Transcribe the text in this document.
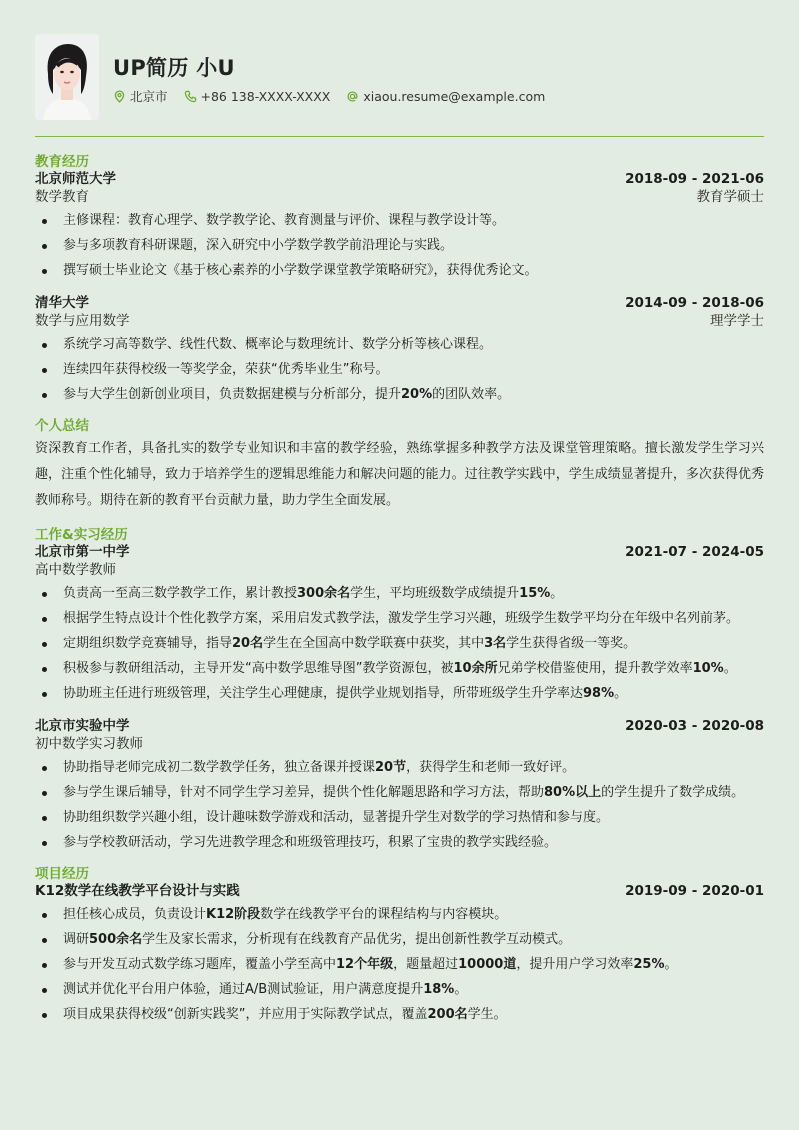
UP简历 小U
北京市	+86 138-XXXX-XXXX	xiaou.resume@example.com
教育经历
北京师范大学	2018-09 - 2021-06
数学教育	教育学硕士
主修课程：教育心理学、数学教学论、教育测量与评价、课程与教学设计等。
参与多项教育科研课题，深入研究中小学数学教学前沿理论与实践。
撰写硕士毕业论文《基于核心素养的小学数学课堂教学策略研究》，获得优秀论文。
清华大学	2014-09 - 2018-06
数学与应用数学	理学学士
系统学习高等数学、线性代数、概率论与数理统计、数学分析等核心课程。
连续四年获得校级一等奖学金，荣获“优秀毕业生”称号。
参与大学生创新创业项目，负责数据建模与分析部分，提升20%的团队效率。
个人总结
资深教育工作者，具备扎实的数学专业知识和丰富的教学经验，熟练掌握多种教学方法及课堂管理策略。擅长激发学生学习兴趣，注重个性化辅导，致力于培养学生的逻辑思维能力和解决问题的能力。过往教学实践中，学生成绩显著提升，多次获得优秀教师称号。期待在新的教育平台贡献力量，助力学生全面发展。
工作&实习经历
北京市第一中学	2021-07 - 2024-05
高中数学教师
负责高一至高三数学教学工作，累计教授300余名学生，平均班级数学成绩提升15%。
根据学生特点设计个性化教学方案，采用启发式教学法，激发学生学习兴趣，班级学生数学平均分在年级中名列前茅。
定期组织数学竞赛辅导，指导20名学生在全国高中数学联赛中获奖，其中3名学生获得省级一等奖。
积极参与教研组活动，主导开发“高中数学思维导图”教学资源包，被10余所兄弟学校借鉴使用，提升教学效率10%。
协助班主任进行班级管理，关注学生心理健康，提供学业规划指导，所带班级学生升学率达98%。
北京市实验中学	2020-03 - 2020-08
初中数学实习教师
协助指导老师完成初二数学教学任务，独立备课并授课20节，获得学生和老师一致好评。
参与学生课后辅导，针对不同学生学习差异，提供个性化解题思路和学习方法，帮助80%以上的学生提升了数学成绩。
协助组织数学兴趣小组，设计趣味数学游戏和活动，显著提升学生对数学的学习热情和参与度。
参与学校教研活动，学习先进教学理念和班级管理技巧，积累了宝贵的教学实践经验。
项目经历
K12数学在线教学平台设计与实践	2019-09 - 2020-01
担任核心成员，负责设计K12阶段数学在线教学平台的课程结构与内容模块。
调研500余名学生及家长需求，分析现有在线教育产品优劣，提出创新性教学互动模式。
参与开发互动式数学练习题库，覆盖小学至高中12个年级，题量超过10000道，提升用户学习效率25%。
测试并优化平台用户体验，通过A/B测试验证，用户满意度提升18%。
项目成果获得校级“创新实践奖”，并应用于实际教学试点，覆盖200名学生。
